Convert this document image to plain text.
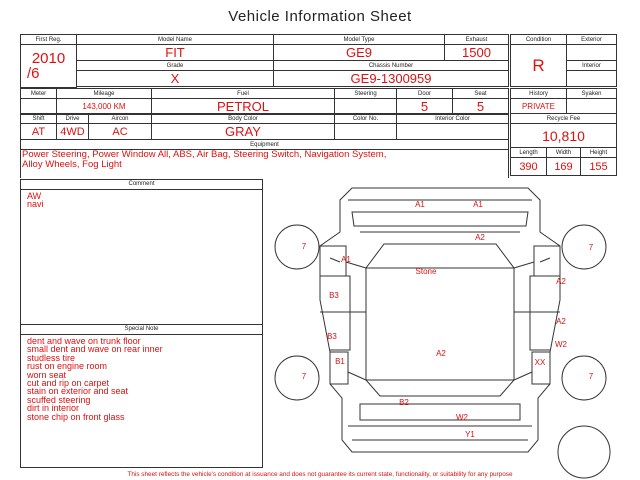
Vehicle Information Sheet
First Reg.	Model Name	Model Type	Exhaust

2010
/6	FIT	GE9	1500
	Grade	Chassis Number	
	X	GE9-1300959	

Condition	Exterior
R	
	Interior

Meter	Mileage	Fuel	Steering	Door	Seat
	143,000 KM	PETROL		5	5
History	Syaken
PRIVATE	
Shift	Drive	Aircon	Body Color	Color No.	Interior Color
AT	4WD	AC	GRAY		
Equipment					

Power Steering, Power Window All, ABS, Air Bag, Steering Switch, Navigation System,
Alloy Wheels, Fog Light
Recycle Fee		
10,810		
Length	Width	Height
390	169	155
Comment
AW
navi
Special Note
dent and wave on trunk floor
small dent and wave on rear inner
studless tire
rust on engine room
worn seat
cut and rip on carpet
stain on exterior and seat
scuffed steering
dirt in interior
stone chip on front glass
A1	A1
A2
Stone
A1
B3
B3
B1
A2
A2
A2
W2
XX
B2
W2
Y1
7	7
7	7
This sheet reflects the vehicle's condition at issuance and does not guarantee its current state, functionality, or suitability for any purpose
